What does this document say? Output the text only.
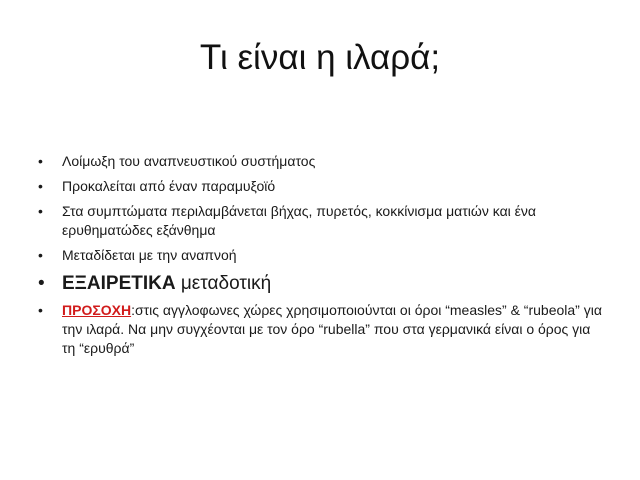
Τι είναι η ιλαρά;
•	Λοίμωξη του αναπνευστικού συστήματος
•	Προκαλείται από έναν παραμυξοϊό
•	Στα συμπτώματα περιλαμβάνεται βήχας, πυρετός, κοκκίνισμα ματιών και ένα ερυθηματώδες εξάνθημα
•	Μεταδίδεται με την αναπνοή
• ΕΞΑΙΡΕΤΙΚΑ μεταδοτική
•	ΠΡΟΣΟΧΗ:στις αγγλοφωνες χώρες χρησιμοποιούνται οι όροι “measles” & “rubeola” για την ιλαρά. Να μην συγχέονται με τον όρο “rubella” που στα γερμανικά είναι ο όρος για τη “ερυθρά”
